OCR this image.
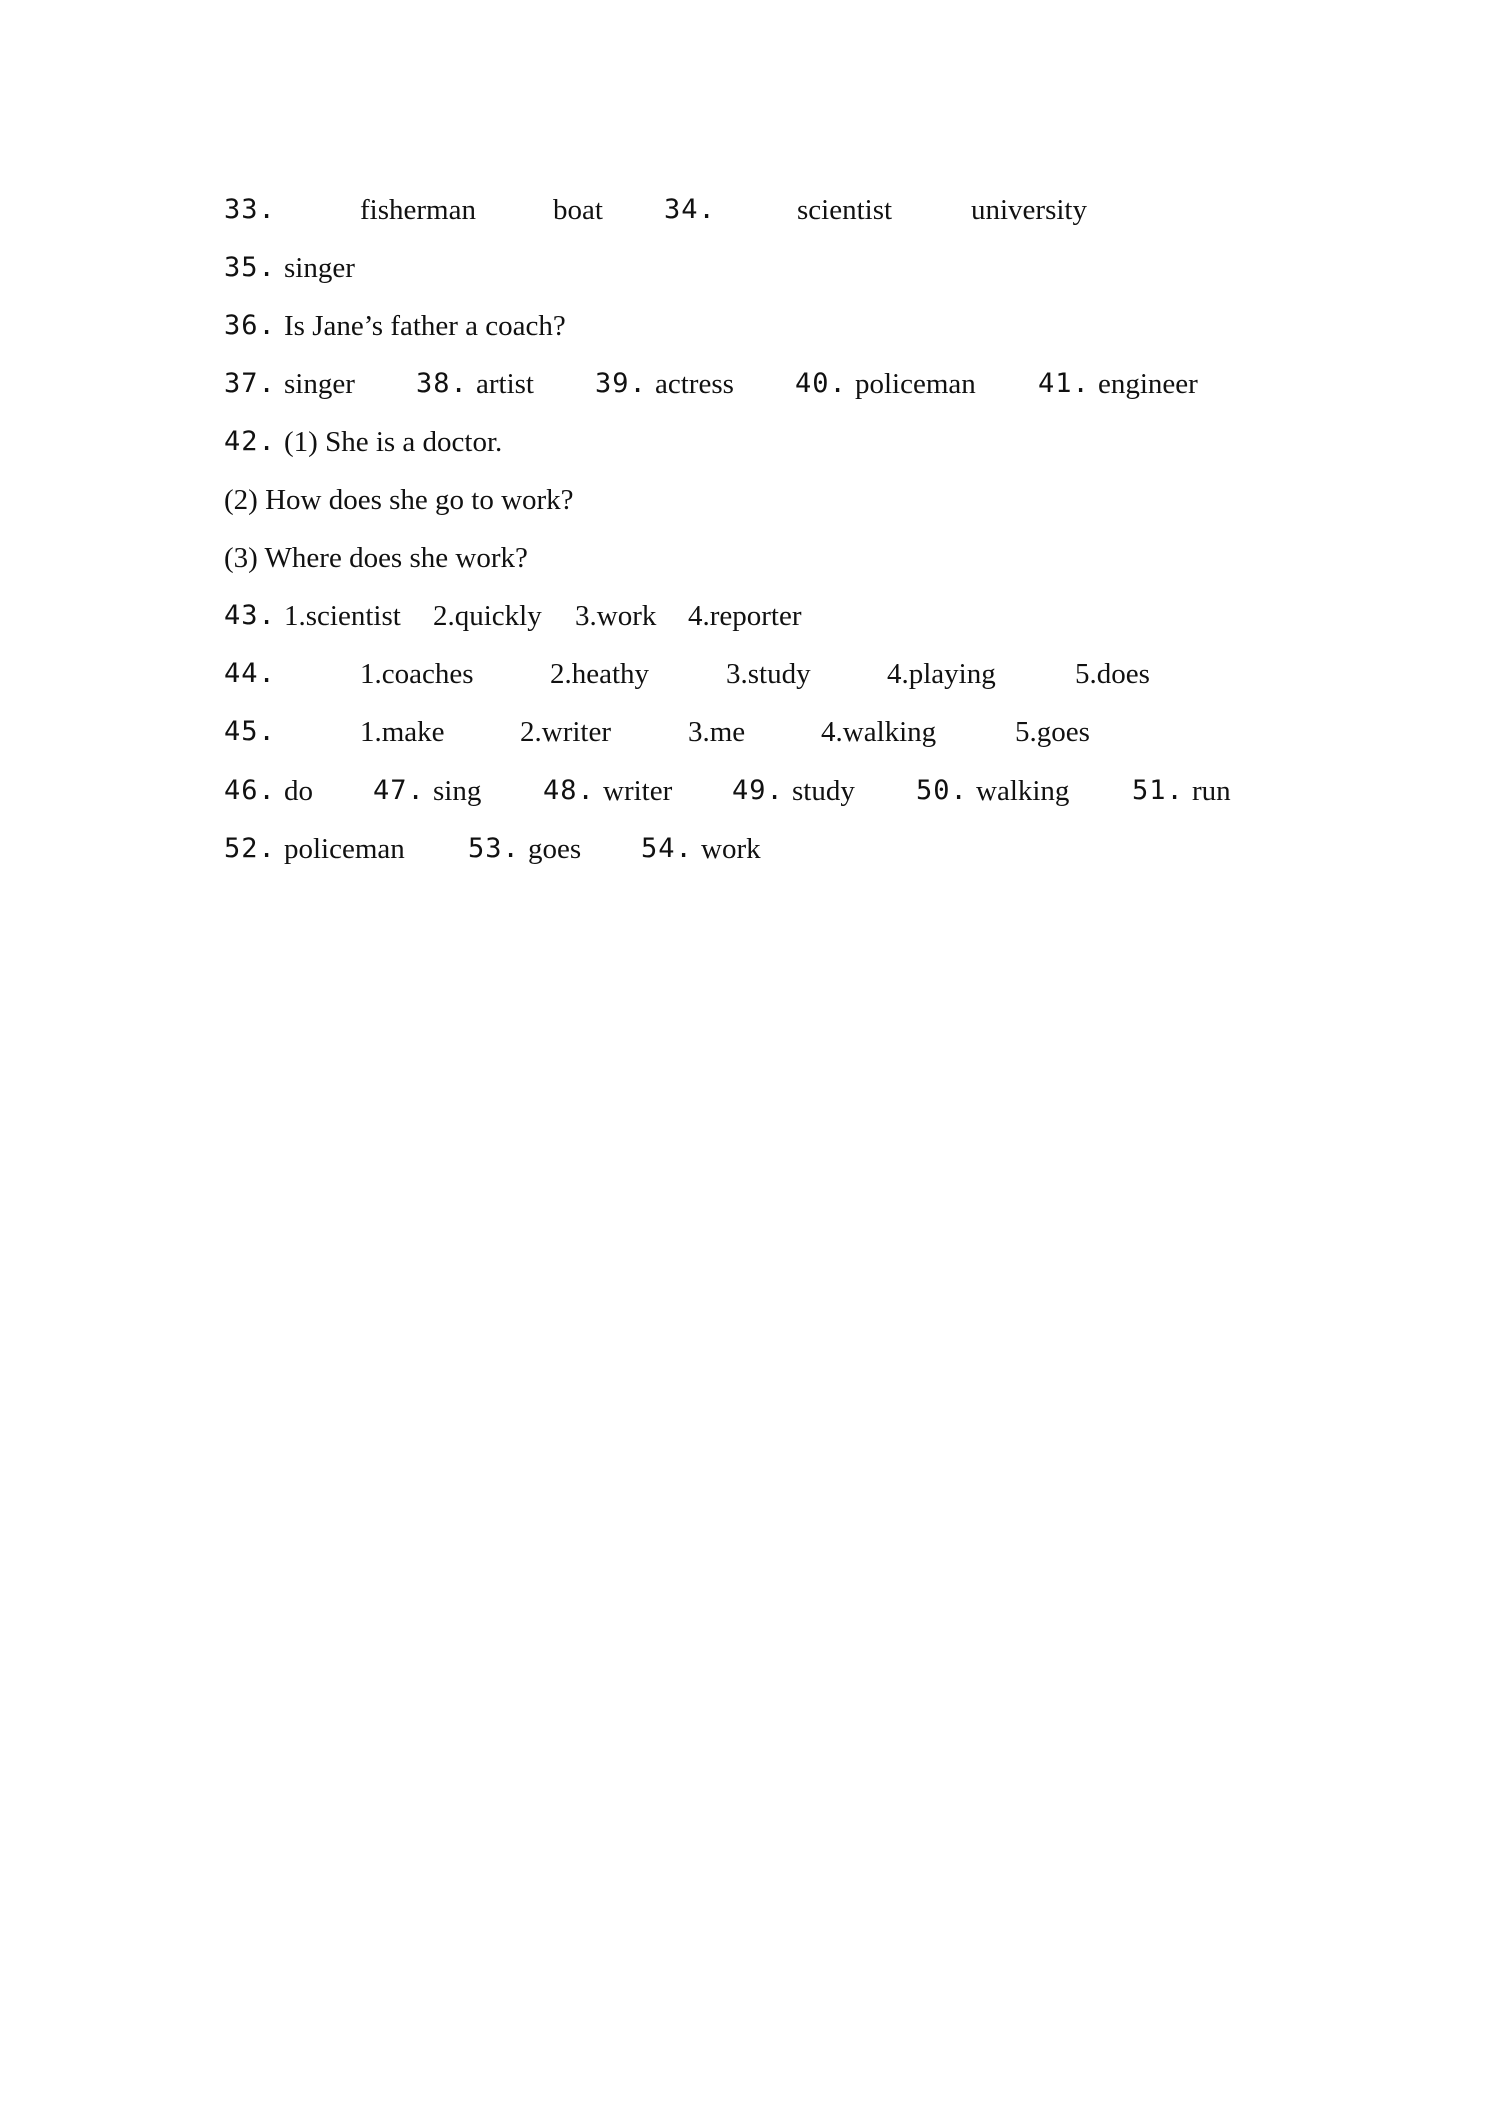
33.	fisherman	boat 34.	scientist	university
35. singer
36. Is Jane’s father a coach?
37. singer 38. artist 39. actress 40. policeman 41. engineer
42. (1) She is a doctor.
(2) How does she go to work?
(3) Where does she work?
43. 1.scientist 2.quickly 3.work 4.reporter
44.	1.coaches	2.heathy	3.study	4.playing	5.does
45.	1.make	2.writer	3.me	4.walking	5.goes
46. do 47. sing 48. writer 49. study 50. walking 51. run
52. policeman 53. goes 54. work
